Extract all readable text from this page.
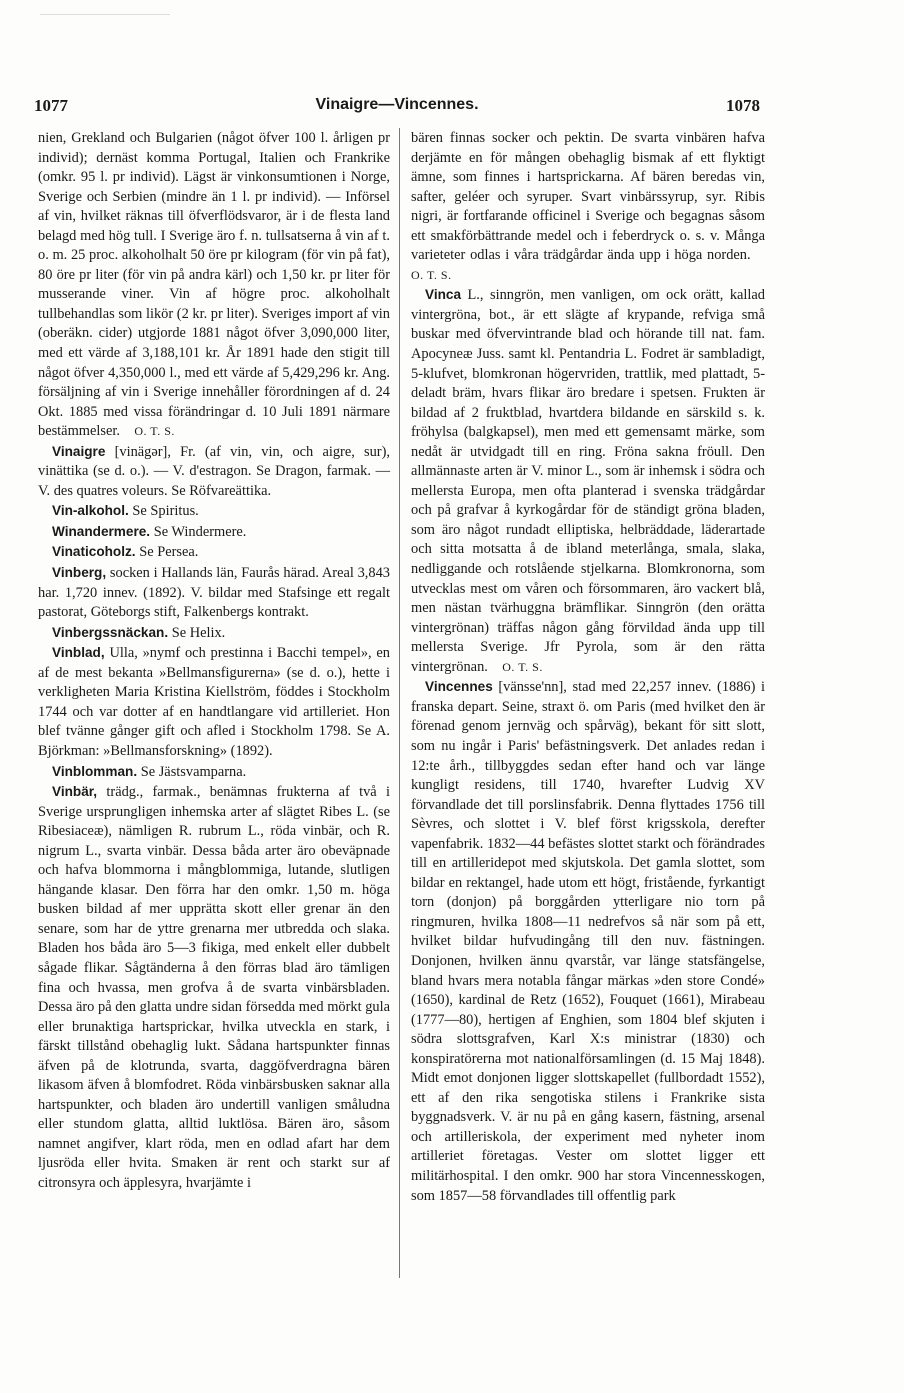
1077	Vinaigre—Vincennes.	1078

nien, Grekland och Bulgarien (något öfver 100 l. årligen pr individ); dernäst komma Portugal, Italien och Frankrike (omkr. 95 l. pr individ). Lägst är vinkonsumtionen i Norge, Sverige och Serbien (mindre än 1 l. pr individ). — Införsel af vin, hvilket räknas till öfverflödsvaror, är i de flesta land belagd med hög tull. I Sverige äro f. n. tullsatserna å vin af t. o. m. 25 proc. alkoholhalt 50 öre pr kilogram (för vin på fat), 80 öre pr liter (för vin på andra kärl) och 1,50 kr. pr liter för musserande viner. Vin af högre proc. alkoholhalt tullbehandlas som likör (2 kr. pr liter). Sveriges import af vin (oberäkn. cider) utgjorde 1881 något öfver 3,090,000 liter, med ett värde af 3,188,101 kr. År 1891 hade den stigit till något öfver 4,350,000 l., med ett värde af 5,429,296 kr. Ang. försäljning af vin i Sverige innehåller förordningen af d. 24 Okt. 1885 med vissa förändringar d. 10 Juli 1891 närmare bestämmelser.  O. T. S.

Vinaigre [vinägər], Fr. (af vin, vin, och aigre, sur), vinättika (se d. o.). — V. d'estragon. Se Dragon, farmak. — V. des quatres voleurs. Se Röfvareättika.

Vin-alkohol. Se Spiritus.

Winandermere. Se Windermere.

Vinaticoholz. Se Persea.

Vinberg, socken i Hallands län, Faurås härad. Areal 3,843 har. 1,720 innev. (1892). V. bildar med Stafsinge ett regalt pastorat, Göteborgs stift, Falkenbergs kontrakt.

Vinbergssnäckan. Se Helix.

Vinblad, Ulla, »nymf och prestinna i Bacchi tempel», en af de mest bekanta »Bellmansfigurerna» (se d. o.), hette i verkligheten Maria Kristina Kiellström, föddes i Stockholm 1744 och var dotter af en handtlangare vid artilleriet. Hon blef tvänne gånger gift och afled i Stockholm 1798. Se A. Björkman: »Bellmansforskning» (1892).

Vinblomman. Se Jästsvamparna.

Vinbär, trädg., farmak., benämnas frukterna af två i Sverige ursprungligen inhemska arter af slägtet Ribes L. (se Ribesiaceæ), nämligen R. rubrum L., röda vinbär, och R. nigrum L., svarta vinbär. Dessa båda arter äro obeväpnade och hafva blommorna i mångblommiga, lutande, slutligen hängande klasar. Den förra har den omkr. 1,50 m. höga busken bildad af mer upprätta skott eller grenar än den senare, som har de yttre grenarna mer utbredda och slaka. Bladen hos båda äro 5—3 fikiga, med enkelt eller dubbelt sågade flikar. Sågtänderna å den förras blad äro tämligen fina och hvassa, men grofva å de svarta vinbärsbladen. Dessa äro på den glatta undre sidan försedda med mörkt gula eller brunaktiga hartsprickar, hvilka utveckla en stark, i färskt tillstånd obehaglig lukt. Sådana hartspunkter finnas äfven på de klotrunda, svarta, daggöfverdragna bären likasom äfven å blomfodret. Röda vinbärsbusken saknar alla hartspunkter, och bladen äro undertill vanligen småludna eller stundom glatta, alltid luktlösa. Bären äro, såsom namnet angifver, klart röda, men en odlad afart har dem ljusröda eller hvita. Smaken är rent och starkt sur af citronsyra och äpplesyra, hvarjämte i

bären finnas socker och pektin. De svarta vinbären hafva derjämte en för mången obehaglig bismak af ett flyktigt ämne, som finnes i hartsprickarna. Af bären beredas vin, safter, geléer och syruper. Svart vinbärssyrup, syr. Ribis nigri, är fortfarande officinel i Sverige och begagnas såsom ett smakförbättrande medel och i feberdryck o. s. v. Många varieteter odlas i våra trädgårdar ända upp i höga norden. O. T. S.

Vinca L., sinngrön, men vanligen, om ock orätt, kallad vintergröna, bot., är ett slägte af krypande, refviga små buskar med öfvervintrande blad och hörande till nat. fam. Apocyneæ Juss. samt kl. Pentandria L. Fodret är sambladigt, 5-klufvet, blomkronan högervriden, trattlik, med plattadt, 5-deladt bräm, hvars flikar äro bredare i spetsen. Frukten är bildad af 2 fruktblad, hvartdera bildande en särskild s. k. fröhylsa (balgkapsel), men med ett gemensamt märke, som nedåt är utvidgadt till en ring. Fröna sakna fröull. Den allmännaste arten är V. minor L., som är inhemsk i södra och mellersta Europa, men ofta planterad i svenska trädgårdar och på grafvar å kyrkogårdar för de ständigt gröna bladen, som äro något rundadt elliptiska, helbräddade, läderartade och sitta motsatta å de ibland meterlånga, smala, slaka, nedliggande och rotslående stjelkarna. Blomkronorna, som utvecklas mest om våren och försommaren, äro vackert blå, men nästan tvärhuggna brämflikar. Sinngrön (den orätta vintergrönan) träffas någon gång förvildad ända upp till mellersta Sverige. Jfr Pyrola, som är den rätta vintergrönan.  O. T. S.

Vincennes [vänsse'nn], stad med 22,257 innev. (1886) i franska depart. Seine, straxt ö. om Paris (med hvilket den är förenad genom jernväg och spårväg), bekant för sitt slott, som nu ingår i Paris' befästningsverk. Det anlades redan i 12:te årh., tillbyggdes sedan efter hand och var länge kungligt residens, till 1740, hvarefter Ludvig XV förvandlade det till porslinsfabrik. Denna flyttades 1756 till Sèvres, och slottet i V. blef först krigsskola, derefter vapenfabrik. 1832—44 befästes slottet starkt och förändrades till en artilleridepot med skjutskola. Det gamla slottet, som bildar en rektangel, hade utom ett högt, fristående, fyrkantigt torn (donjon) på borggården ytterligare nio torn på ringmuren, hvilka 1808—11 nedrefvos så när som på ett, hvilket bildar hufvudingång till den nuv. fästningen. Donjonen, hvilken ännu qvarstår, var länge statsfängelse, bland hvars mera notabla fångar märkas »den store Condé» (1650), kardinal de Retz (1652), Fouquet (1661), Mirabeau (1777—80), hertigen af Enghien, som 1804 blef skjuten i södra slottsgrafven, Karl X:s ministrar (1830) och konspiratörerna mot nationalförsamlingen (d. 15 Maj 1848). Midt emot donjonen ligger slottskapellet (fullbordadt 1552), ett af den rika sengotiska stilens i Frankrike sista byggnadsverk. V. är nu på en gång kasern, fästning, arsenal och artilleriskola, der experiment med nyheter inom artilleriet företagas. Vester om slottet ligger ett militärhospital. I den omkr. 900 har stora Vincennesskogen, som 1857—58 förvandlades till offentlig park
